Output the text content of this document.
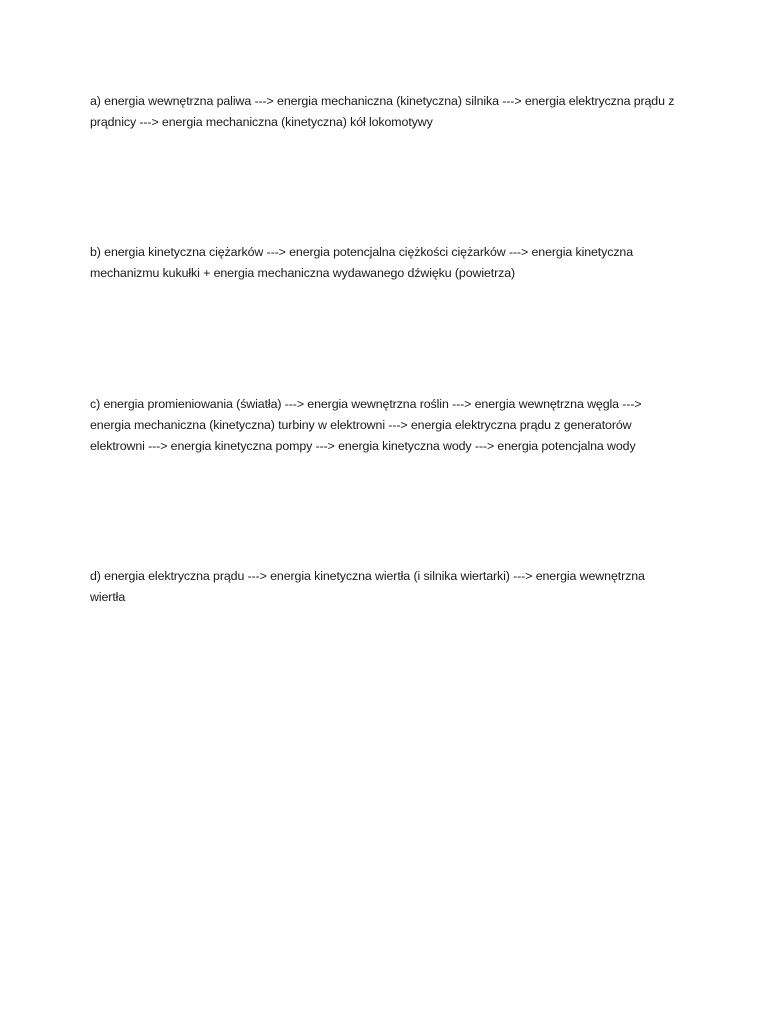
a) energia wewnętrzna paliwa ---> energia mechaniczna (kinetyczna) silnika ---> energia elektryczna prądu z prądnicy ---> energia mechaniczna (kinetyczna) kół lokomotywy

b) energia kinetyczna ciężarków ---> energia potencjalna ciężkości ciężarków ---> energia kinetyczna mechanizmu kukułki + energia mechaniczna wydawanego dźwięku (powietrza)

c) energia promieniowania (światła) ---> energia wewnętrzna roślin ---> energia wewnętrzna węgla ---> energia mechaniczna (kinetyczna) turbiny w elektrowni ---> energia elektryczna prądu z generatorów elektrowni ---> energia kinetyczna pompy ---> energia kinetyczna wody ---> energia potencjalna wody

d) energia elektryczna prądu ---> energia kinetyczna wiertła (i silnika wiertarki) ---> energia wewnętrzna wiertła
